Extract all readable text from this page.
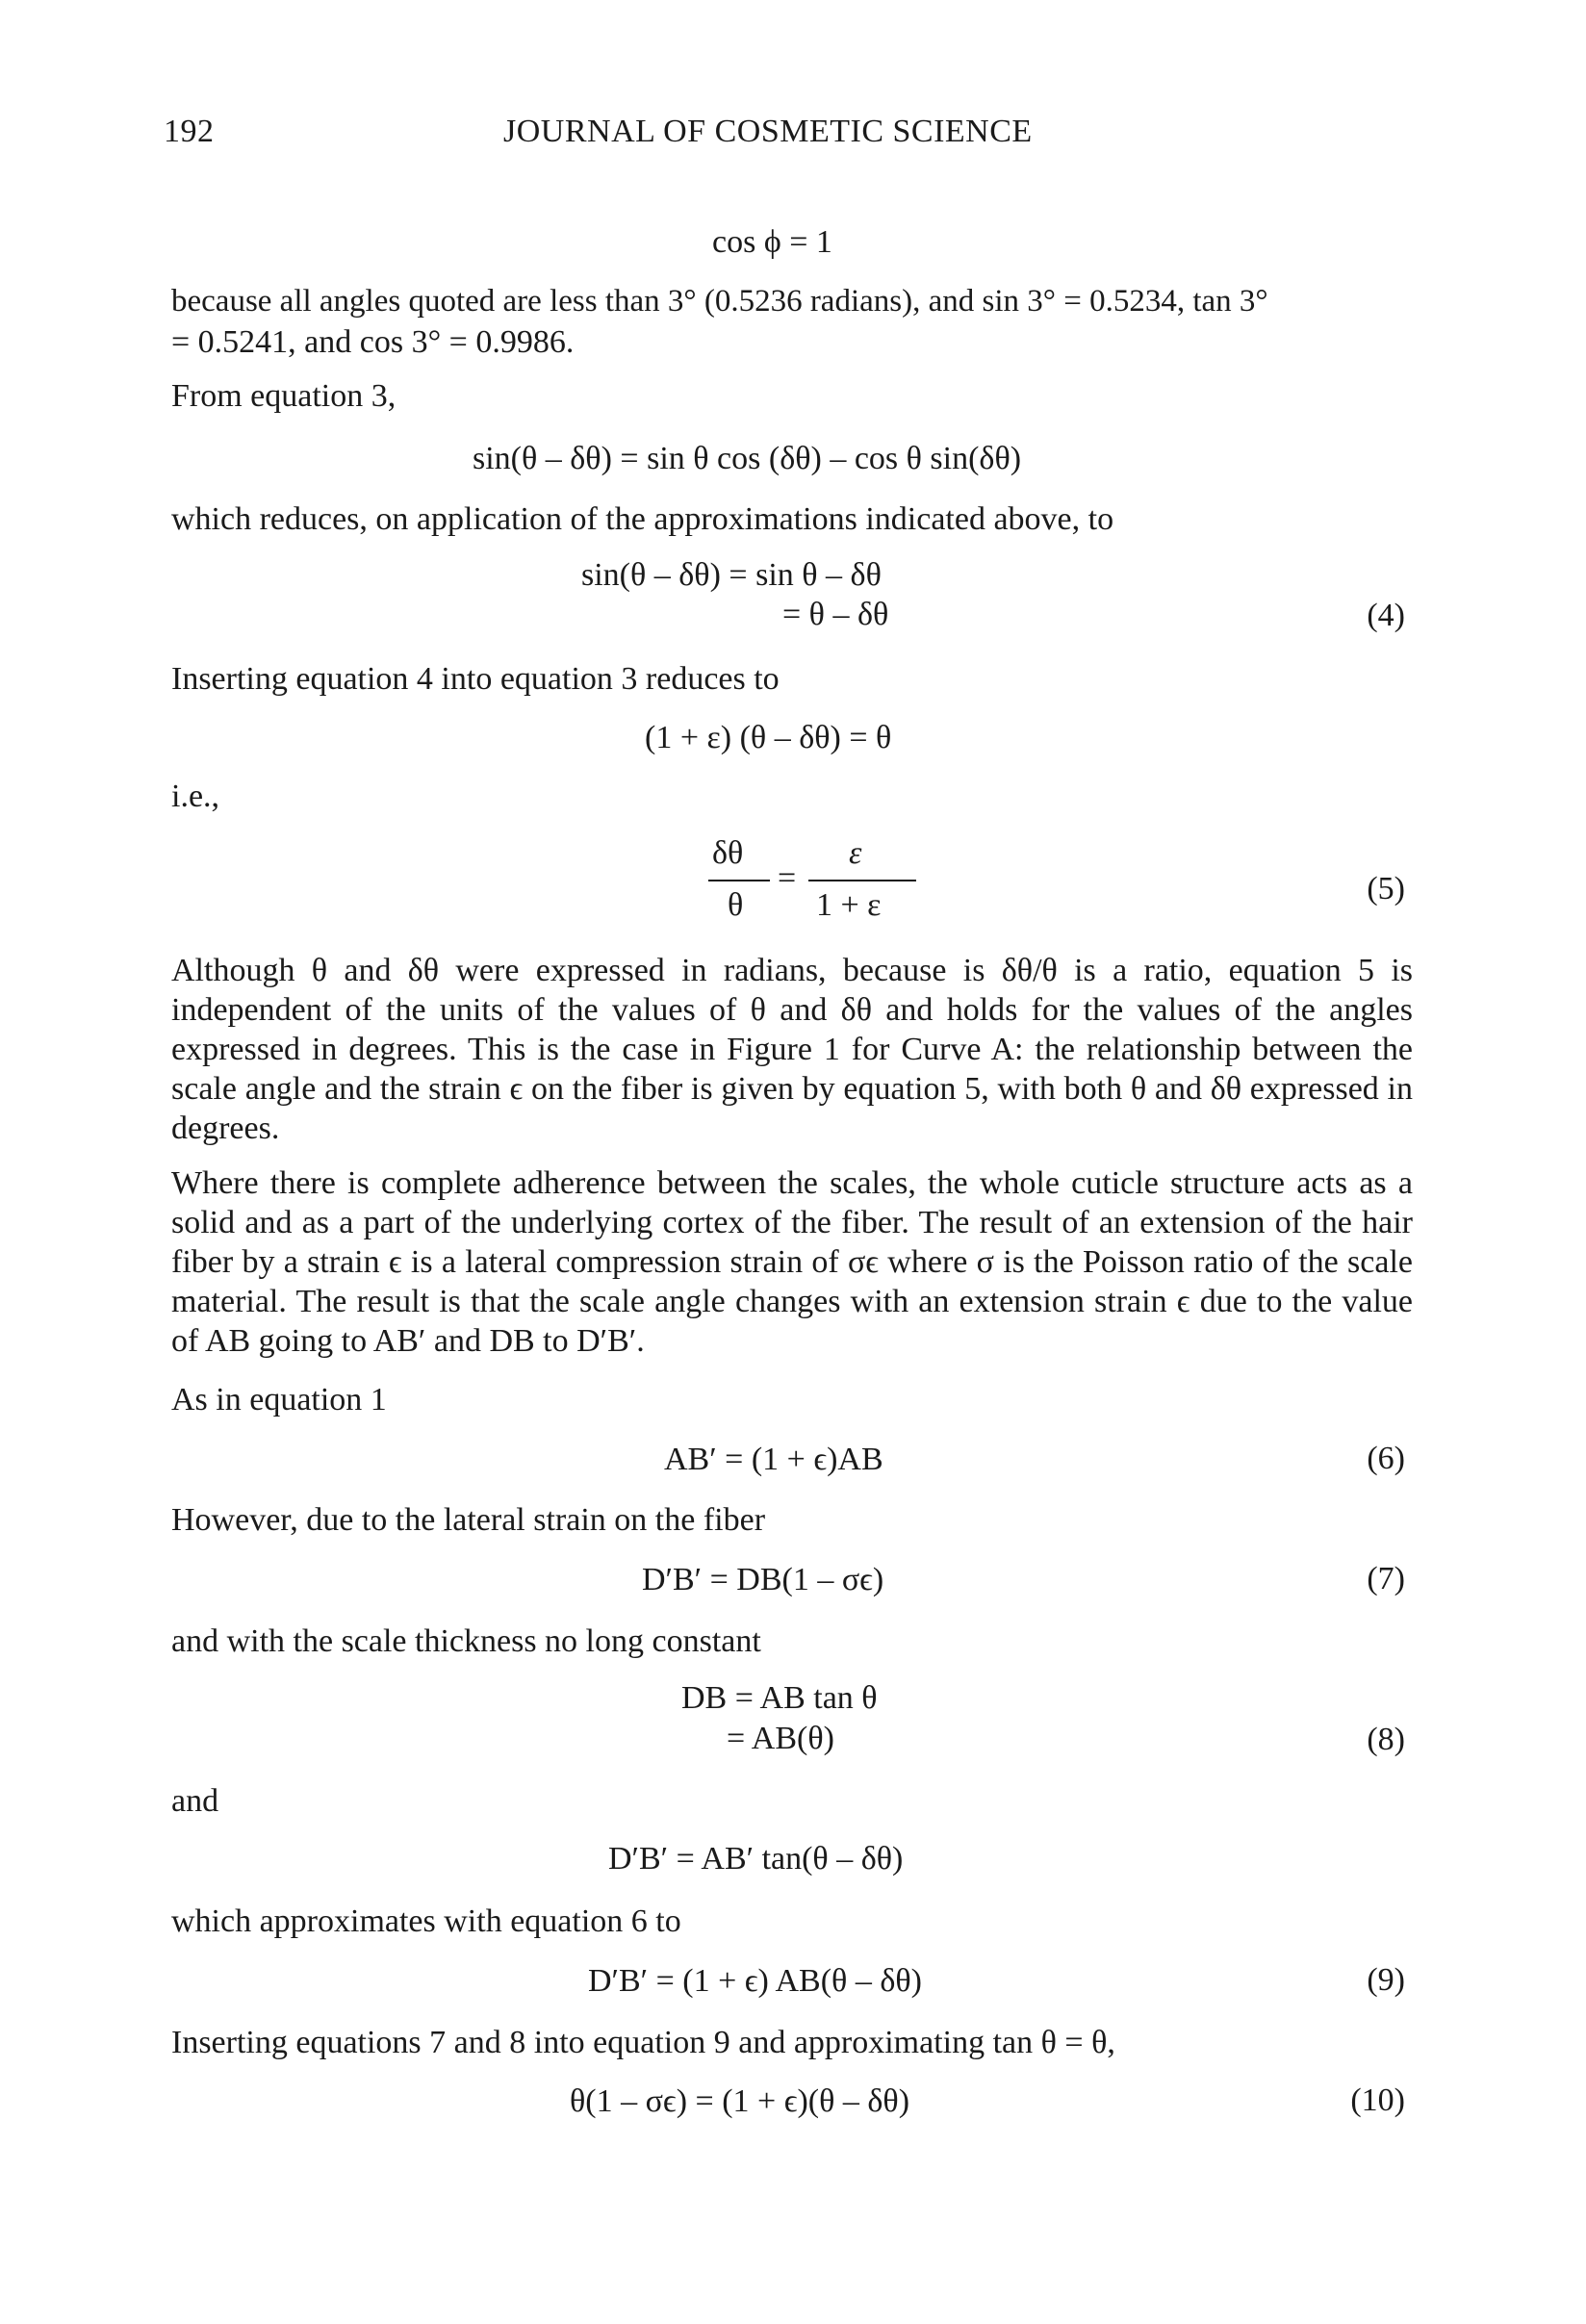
192	JOURNAL OF COSMETIC SCIENCE
cos ϕ = 1
because all angles quoted are less than 3° (0.5236 radians), and sin 3° = 0.5234, tan 3°
= 0.5241, and cos 3° = 0.9986.
From equation 3,
sin(θ – δθ) = sin θ cos (δθ) – cos θ sin(δθ)
which reduces, on application of the approximations indicated above, to
sin(θ – δθ) = sin θ – δθ
= θ – δθ	(4)
Inserting equation 4 into equation 3 reduces to
(1 + ε) (θ – δθ) = θ
i.e.,
δθ
θ
=
ε
1 + ε	(5)
Although θ and δθ were expressed in radians, because is δθ/θ is a ratio, equation 5 is independent of the units of the values of θ and δθ and holds for the values of the angles expressed in degrees. This is the case in Figure 1 for Curve A: the relationship between the scale angle and the strain ϵ on the fiber is given by equation 5, with both θ and δθ expressed in degrees.
Where there is complete adherence between the scales, the whole cuticle structure acts as a solid and as a part of the underlying cortex of the fiber. The result of an extension of the hair fiber by a strain ϵ is a lateral compression strain of σϵ where σ is the Poisson ratio of the scale material. The result is that the scale angle changes with an extension strain ϵ due to the value of AB going to AB′ and DB to D′B′.
As in equation 1
AB′ = (1 + ϵ)AB	(6)
However, due to the lateral strain on the fiber
D′B′ = DB(1 – σϵ)	(7)
and with the scale thickness no long constant
DB = AB tan θ
= AB(θ)	(8)
and
D′B′ = AB′ tan(θ – δθ)
which approximates with equation 6 to
D′B′ = (1 + ϵ) AB(θ – δθ)	(9)
Inserting equations 7 and 8 into equation 9 and approximating tan θ = θ,
θ(1 – σϵ) = (1 + ϵ)(θ – δθ)	(10)
